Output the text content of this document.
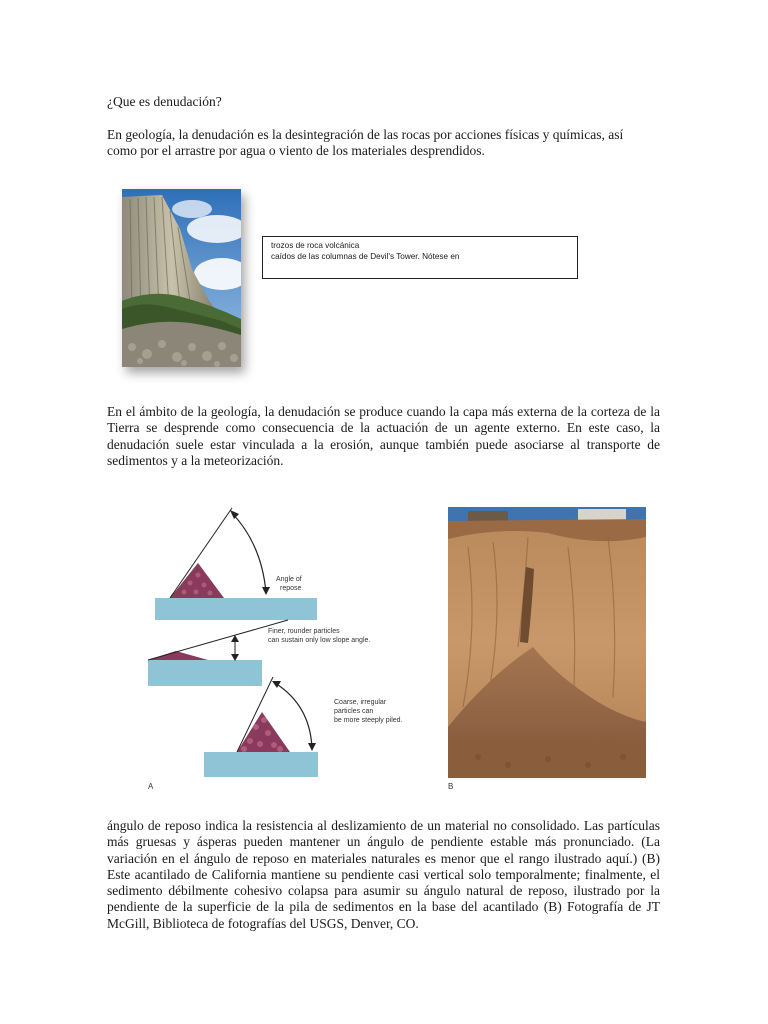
¿Que es denudación?

En geología, la denudación es la desintegración de las rocas por acciones físicas y químicas, así

como por el arrastre por agua o viento de los materiales desprendidos.

trozos de roca volcánica
caídos de las columnas de Devil's Tower. Nótese en

En el ámbito de la geología, la denudación se produce cuando la capa más externa de la corteza de la Tierra se desprende como consecuencia de la actuación de un agente externo. En este caso, la denudación suele estar vinculada a la erosión, aunque también puede asociarse al transporte de sedimentos y a la meteorización.

Angle of
repose
Finer, rounder particles
can sustain only low slope angle.
Coarse, irregular
particles can
be more steeply piled.
A	B

ángulo de reposo indica la resistencia al deslizamiento de un material no consolidado. Las partículas más gruesas y ásperas pueden mantener un ángulo de pendiente estable más pronunciado. (La variación en el ángulo de reposo en materiales naturales es menor que el rango ilustrado aquí.) (B) Este acantilado de California mantiene su pendiente casi vertical solo temporalmente; finalmente, el sedimento débilmente cohesivo colapsa para asumir su ángulo natural de reposo, ilustrado por la pendiente de la superficie de la pila de sedimentos en la base del acantilado (B) Fotografía de JT McGill, Biblioteca de fotografías del USGS, Denver, CO.
